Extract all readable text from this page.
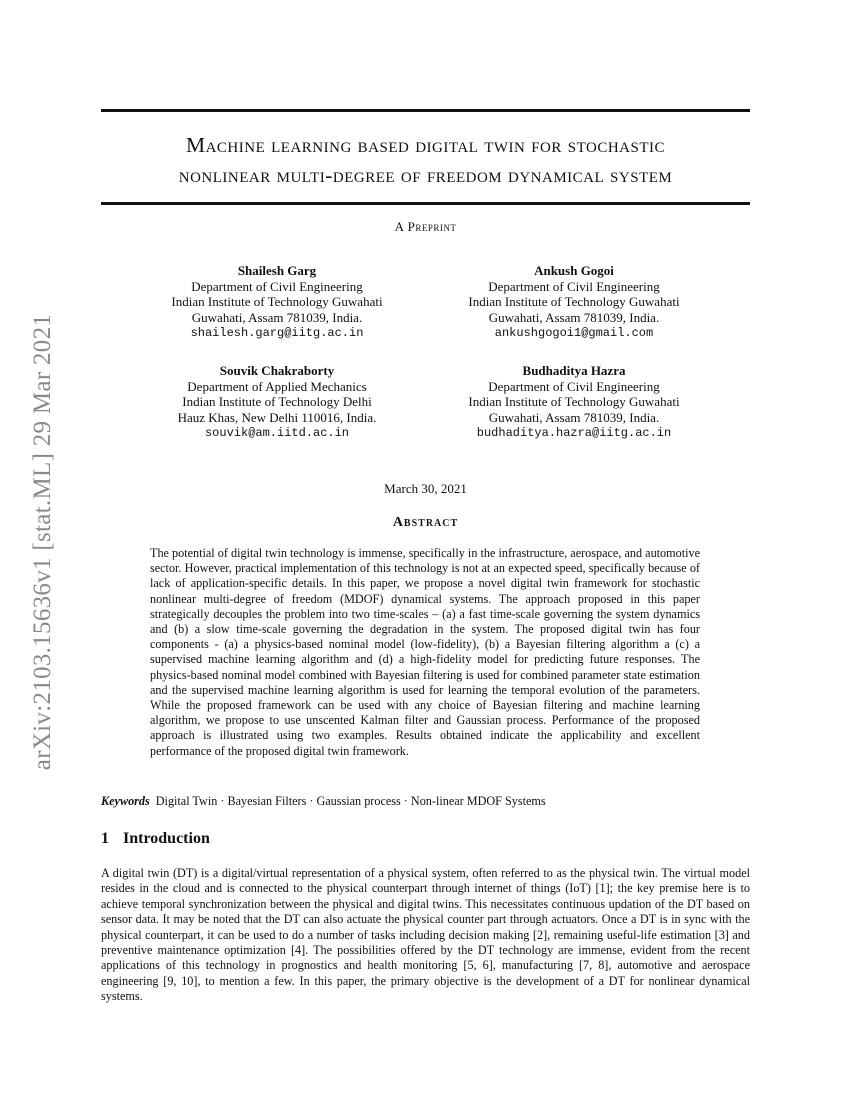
arXiv:2103.15636v1 [stat.ML] 29 Mar 2021
Machine learning based digital twin for stochastic
nonlinear multi-degree of freedom dynamical system
A Preprint
Shailesh Garg
Department of Civil Engineering
Indian Institute of Technology Guwahati
Guwahati, Assam 781039, India.
shailesh.garg@iitg.ac.in
Ankush Gogoi
Department of Civil Engineering
Indian Institute of Technology Guwahati
Guwahati, Assam 781039, India.
ankushgogoi1@gmail.com
Souvik Chakraborty
Department of Applied Mechanics
Indian Institute of Technology Delhi
Hauz Khas, New Delhi 110016, India.
souvik@am.iitd.ac.in
Budhaditya Hazra
Department of Civil Engineering
Indian Institute of Technology Guwahati
Guwahati, Assam 781039, India.
budhaditya.hazra@iitg.ac.in
March 30, 2021
Abstract
The potential of digital twin technology is immense, specifically in the infrastructure, aerospace, and automotive sector. However, practical implementation of this technology is not at an expected speed, specifically because of lack of application-specific details. In this paper, we propose a novel digital twin framework for stochastic nonlinear multi-degree of freedom (MDOF) dynamical systems. The approach proposed in this paper strategically decouples the problem into two time-scales – (a) a fast time-scale governing the system dynamics and (b) a slow time-scale governing the degradation in the system. The proposed digital twin has four components - (a) a physics-based nominal model (low-fidelity), (b) a Bayesian filtering algorithm a (c) a supervised machine learning algorithm and (d) a high-fidelity model for predicting future responses. The physics-based nominal model combined with Bayesian filtering is used for combined parameter state estimation and the supervised machine learning algorithm is used for learning the temporal evolution of the parameters. While the proposed framework can be used with any choice of Bayesian filtering and machine learning algorithm, we propose to use unscented Kalman filter and Gaussian process. Performance of the proposed approach is illustrated using two examples. Results obtained indicate the applicability and excellent performance of the proposed digital twin framework.
Keywords Digital Twin · Bayesian Filters · Gaussian process · Non-linear MDOF Systems
1 Introduction
A digital twin (DT) is a digital/virtual representation of a physical system, often referred to as the physical twin. The virtual model resides in the cloud and is connected to the physical counterpart through internet of things (IoT) [1]; the key premise here is to achieve temporal synchronization between the physical and digital twins. This necessitates continuous updation of the DT based on sensor data. It may be noted that the DT can also actuate the physical counter part through actuators. Once a DT is in sync with the physical counterpart, it can be used to do a number of tasks including decision making [2], remaining useful-life estimation [3] and preventive maintenance optimization [4]. The possibilities offered by the DT technology are immense, evident from the recent applications of this technology in prognostics and health monitoring [5, 6], manufacturing [7, 8], automotive and aerospace engineering [9, 10], to mention a few. In this paper, the primary objective is the development of a DT for nonlinear dynamical systems.
